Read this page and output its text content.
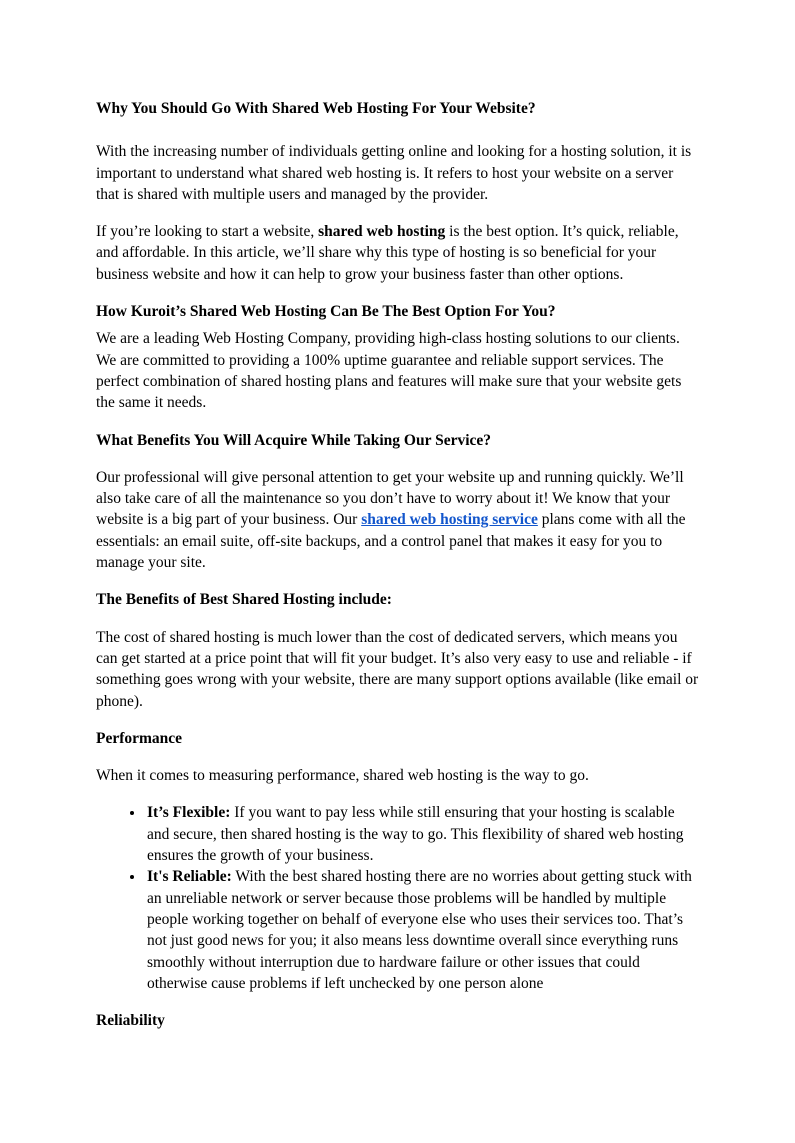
Why You Should Go With Shared Web Hosting For Your Website?

With the increasing number of individuals getting online and looking for a hosting solution, it is important to understand what shared web hosting is. It refers to host your website on a server that is shared with multiple users and managed by the provider.

If you’re looking to start a website, shared web hosting is the best option. It’s quick, reliable, and affordable. In this article, we’ll share why this type of hosting is so beneficial for your business website and how it can help to grow your business faster than other options.

How Kuroit’s Shared Web Hosting Can Be The Best Option For You?

We are a leading Web Hosting Company, providing high-class hosting solutions to our clients. We are committed to providing a 100% uptime guarantee and reliable support services. The perfect combination of shared hosting plans and features will make sure that your website gets the same it needs.

What Benefits You Will Acquire While Taking Our Service?

Our professional will give personal attention to get your website up and running quickly. We’ll also take care of all the maintenance so you don’t have to worry about it! We know that your website is a big part of your business. Our shared web hosting service plans come with all the essentials: an email suite, off-site backups, and a control panel that makes it easy for you to manage your site.

The Benefits of Best Shared Hosting include:

The cost of shared hosting is much lower than the cost of dedicated servers, which means you can get started at a price point that will fit your budget. It’s also very easy to use and reliable - if something goes wrong with your website, there are many support options available (like email or phone).

Performance

When it comes to measuring performance, shared web hosting is the way to go.

• It’s Flexible: If you want to pay less while still ensuring that your hosting is scalable and secure, then shared hosting is the way to go. This flexibility of shared web hosting ensures the growth of your business.
• It's Reliable: With the best shared hosting there are no worries about getting stuck with an unreliable network or server because those problems will be handled by multiple people working together on behalf of everyone else who uses their services too. That’s not just good news for you; it also means less downtime overall since everything runs smoothly without interruption due to hardware failure or other issues that could otherwise cause problems if left unchecked by one person alone

Reliability
